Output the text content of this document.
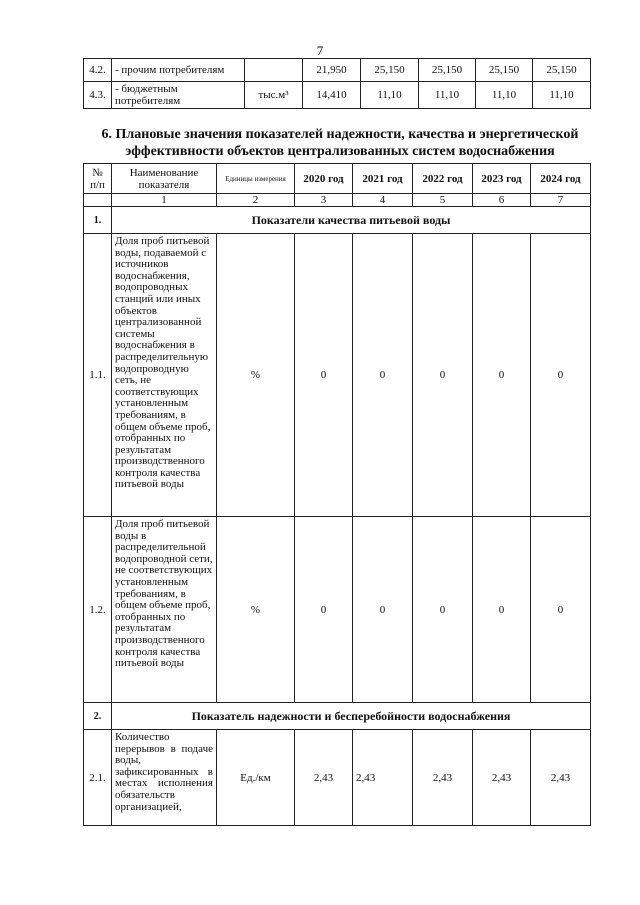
7
4.2.	- прочим потребителям		21,950	25,150	25,150	25,150	25,150
4.3.	- бюджетным потребителям	тыс.м³	14,410	11,10	11,10	11,10	11,10
6. Плановые значения показателей надежности, качества и энергетической эффективности объектов централизованных систем водоснабжения
№ п/п	Наименование показателя	Единицы измерения	2020 год	2021 год	2022 год	2023 год	2024 год
	1	2	3	4	5	6	7
1.	Показатели качества питьевой воды						
1.1.	Доля проб питьевой воды, подаваемой с источников водоснабжения, водопроводных станций или иных объектов централизованной системы водоснабжения в распределительную водопроводную сеть, не соответствующих установленным требованиям, в общем объеме проб, отобранных по результатам производственного контроля качества питьевой воды	%	0	0	0	0	0
1.2.	Доля проб питьевой воды в распределительной водопроводной сети, не соответствующих установленным требованиям, в общем объеме проб, отобранных по результатам производственного контроля качества питьевой воды	%	0	0	0	0	0
2.	Показатель надежности и бесперебойности водоснабжения						
2.1.	Количество перерывов в подаче воды, зафиксированных в местах исполнения обязательств организацией,	Ед./км	2,43	2,43	2,43	2,43	2,43
